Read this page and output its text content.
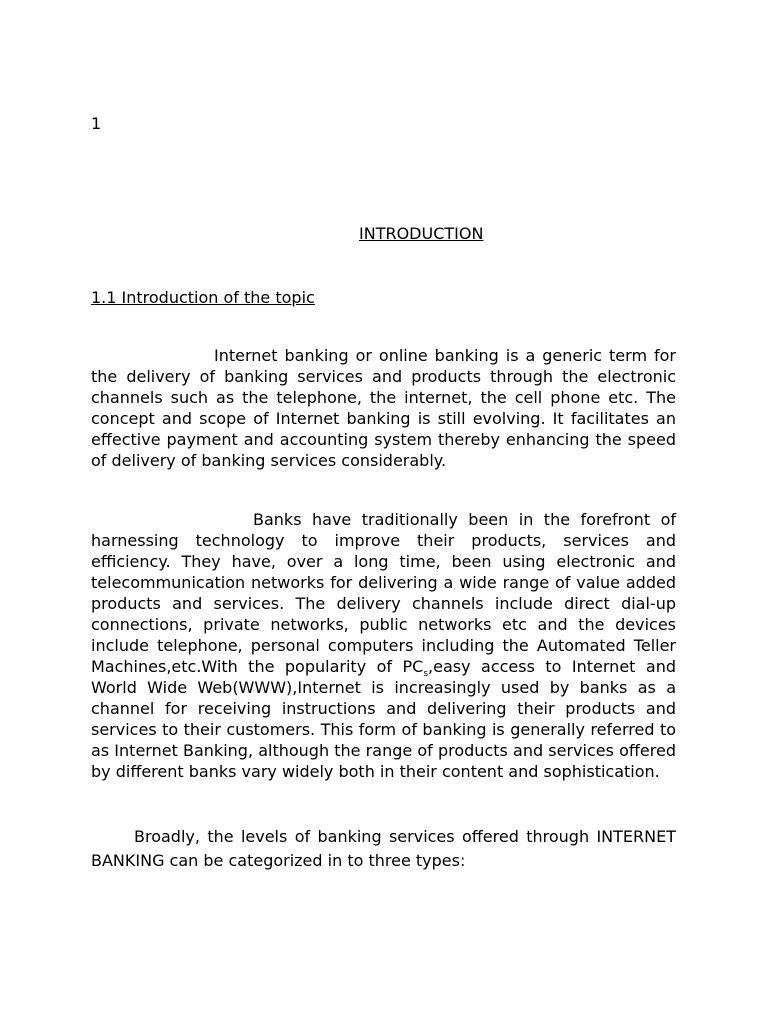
1
INTRODUCTION
1.1 Introduction of the topic

Internet banking or online banking is a generic term for the delivery of banking services and products through the electronic channels such as the telephone, the internet, the cell phone etc. The concept and scope of Internet banking is still evolving. It facilitates an effective payment and accounting system thereby enhancing the speed of delivery of banking services considerably.

Banks have traditionally been in the forefront of harnessing technology to improve their products, services and efficiency. They have, over a long time, been using electronic and telecommunication networks for delivering a wide range of value added products and services. The delivery channels include direct dial-up connections, private networks, public networks etc and the devices include telephone, personal computers including the Automated Teller Machines,etc.With the popularity of $PC_s,easy$ access to Internet and World Wide Web(WWW),Internet is increasingly used by banks as a channel for receiving instructions and delivering their products and services to their customers. This form of banking is generally referred to as Internet Banking, although the range of products and services offered by different banks vary widely both in their content and sophistication.

Broadly, the levels of banking services offered through INTERNET BANKING can be categorized in to three types:
